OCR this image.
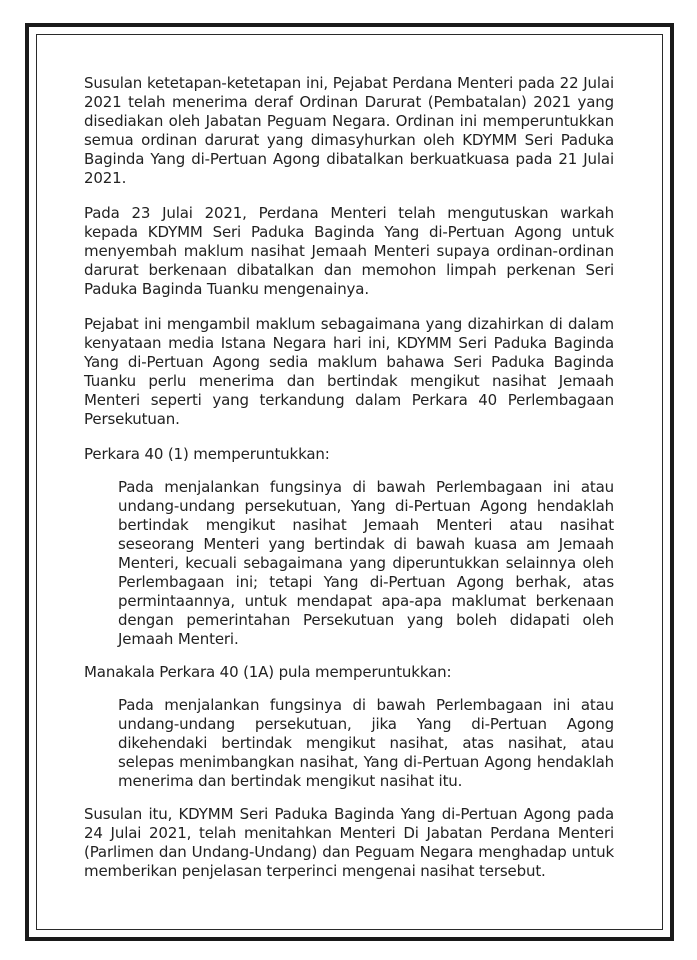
Susulan ketetapan-ketetapan ini, Pejabat Perdana Menteri pada 22 Julai 2021 telah menerima deraf Ordinan Darurat (Pembatalan) 2021 yang disediakan oleh Jabatan Peguam Negara. Ordinan ini memperuntukkan semua ordinan darurat yang dimasyhurkan oleh KDYMM Seri Paduka Baginda Yang di-Pertuan Agong dibatalkan berkuatkuasa pada 21 Julai 2021.

Pada 23 Julai 2021, Perdana Menteri telah mengutuskan warkah kepada KDYMM Seri Paduka Baginda Yang di-Pertuan Agong untuk menyembah maklum nasihat Jemaah Menteri supaya ordinan-ordinan darurat berkenaan dibatalkan dan memohon limpah perkenan Seri Paduka Baginda Tuanku mengenainya.

Pejabat ini mengambil maklum sebagaimana yang dizahirkan di dalam kenyataan media Istana Negara hari ini, KDYMM Seri Paduka Baginda Yang di-Pertuan Agong sedia maklum bahawa Seri Paduka Baginda Tuanku perlu menerima dan bertindak mengikut nasihat Jemaah Menteri seperti yang terkandung dalam Perkara 40 Perlembagaan Persekutuan.

Perkara 40 (1) memperuntukkan:

Pada menjalankan fungsinya di bawah Perlembagaan ini atau undang-undang persekutuan, Yang di-Pertuan Agong hendaklah bertindak mengikut nasihat Jemaah Menteri atau nasihat seseorang Menteri yang bertindak di bawah kuasa am Jemaah Menteri, kecuali sebagaimana yang diperuntukkan selainnya oleh Perlembagaan ini; tetapi Yang di-Pertuan Agong berhak, atas permintaannya, untuk mendapat apa-apa maklumat berkenaan dengan pemerintahan Persekutuan yang boleh didapati oleh Jemaah Menteri.

Manakala Perkara 40 (1A) pula memperuntukkan:

Pada menjalankan fungsinya di bawah Perlembagaan ini atau undang-undang persekutuan, jika Yang di-Pertuan Agong dikehendaki bertindak mengikut nasihat, atas nasihat, atau selepas menimbangkan nasihat, Yang di-Pertuan Agong hendaklah menerima dan bertindak mengikut nasihat itu.

Susulan itu, KDYMM Seri Paduka Baginda Yang di-Pertuan Agong pada 24 Julai 2021, telah menitahkan Menteri Di Jabatan Perdana Menteri (Parlimen dan Undang-Undang) dan Peguam Negara menghadap untuk memberikan penjelasan terperinci mengenai nasihat tersebut.
